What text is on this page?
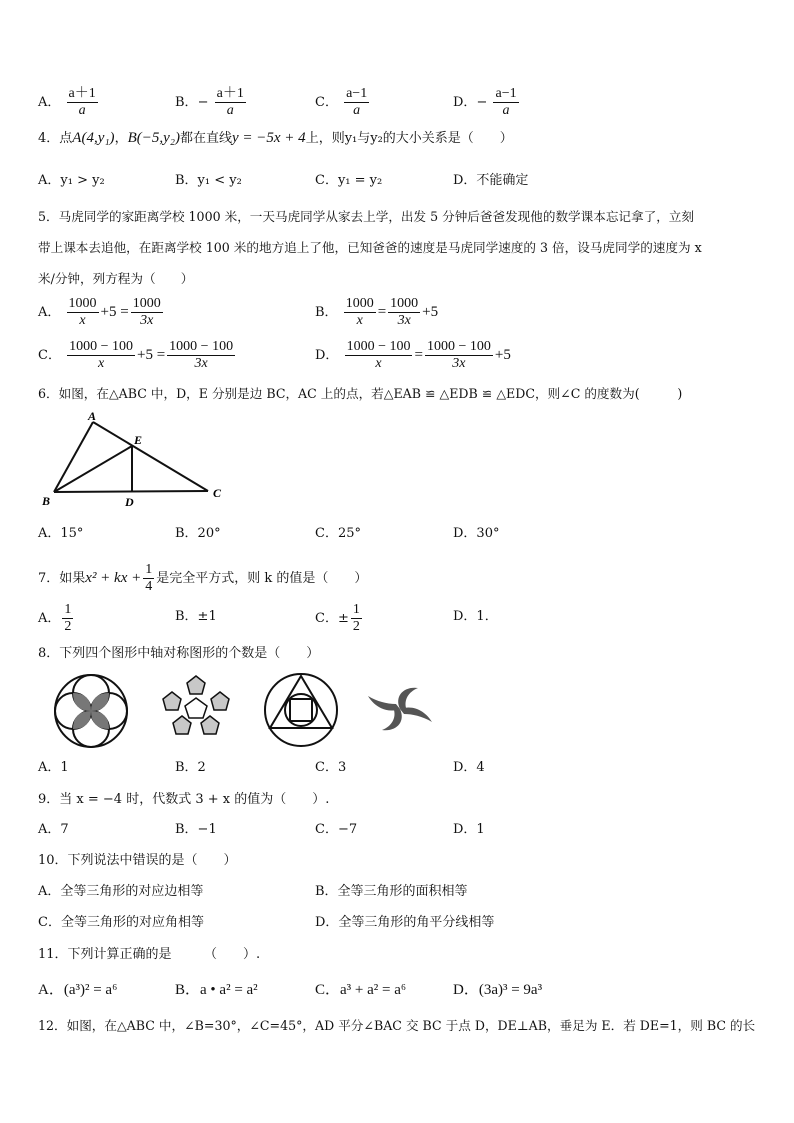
A． $\frac{a+1}{a}$	B．− $\frac{a+1}{a}$	C． $\frac{a-1}{a}$	D．− $\frac{a-1}{a}$
4．点A(4,y₁)，B(−5,y₂)都在直线y = −5x + 4上，则y₁与y₂的大小关系是（　　）
A．y₁ > y₂	B．y₁ < y₂	C．y₁ = y₂	D．不能确定
5．马虎同学的家距离学校 1000 米，一天马虎同学从家去上学，出发 5 分钟后爸爸发现他的数学课本忘记拿了，立刻
带上课本去追他，在距离学校 100 米的地方追上了他，已知爸爸的速度是马虎同学速度的 3 倍，设马虎同学的速度为 x
米/分钟，列方程为（　　）
A． $\frac{1000}{x} +5 = \frac{1000}{3x}$	B． $\frac{1000}{x} = \frac{1000}{3x} +5$
C． $\frac{1000 - 100}{x} +5 = \frac{1000 - 100}{3x}$	D． $\frac{1000 - 100}{x} = \frac{1000 - 100}{3x} +5$
6．如图，在△ABC 中，D，E 分别是边 BC，AC 上的点，若△EAB ≌ △EDB ≌ △EDC，则∠C 的度数为(　　　)
A
B
C
D
E
A．15°	B．20°	C．25°	D．30°
7．如果x² + kx + $\frac{1}{4}$ 是完全平方式，则 k 的值是（　　）
A． $\frac{1}{2}$	B．±1	C．± $\frac{1}{2}$	D．1．
8．下列四个图形中轴对称图形的个数是（　　）
A．1	B．2	C．3	D．4
9．当 x = −4 时，代数式 3 + x 的值为（　　）.
A．7	B．−1	C．−7	D．1
10．下列说法中错误的是（　　）
A．全等三角形的对应边相等	B．全等三角形的面积相等
C．全等三角形的对应角相等	D．全等三角形的角平分线相等
11．下列计算正确的是　　　（　　）.
A．(a³)² = a⁶	B．a • a² = a²	C．a³ + a² = a⁶	D．(3a)³ = 9a³
12．如图，在△ABC 中，∠B=30°，∠C=45°，AD 平分∠BAC 交 BC 于点 D，DE⊥AB，垂足为 E．若 DE=1，则 BC 的长
